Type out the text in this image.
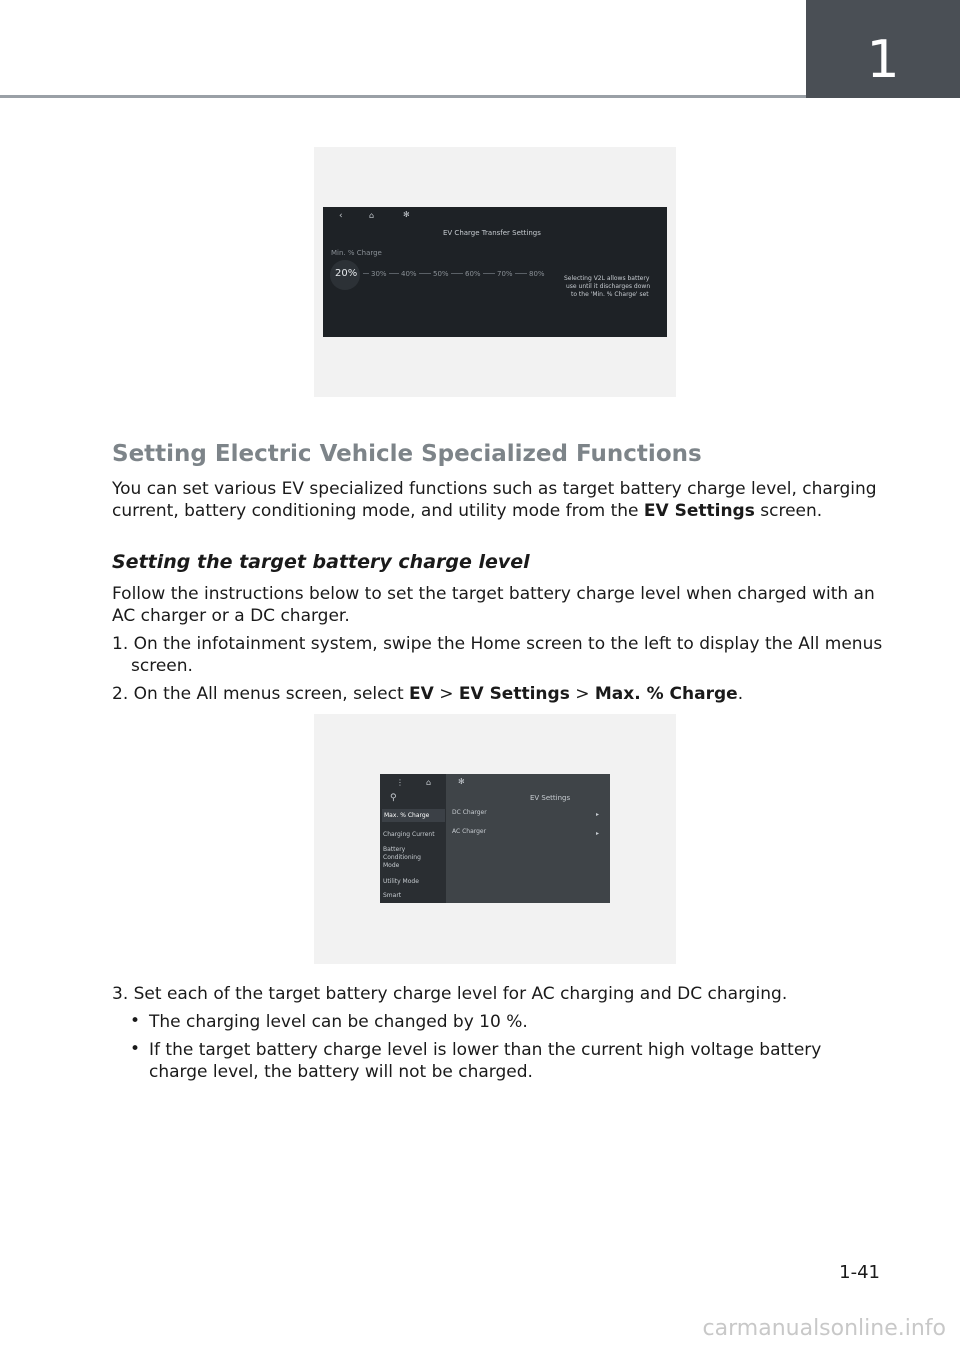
1
‹	⌂	✻
EV Charge Transfer Settings
Min. % Charge
20% 30% 40% 50% 60% 70% 80%
Selecting V2L allows battery
use until it discharges down
to the 'Min. % Charge' set
Setting Electric Vehicle Specialized Functions
You can set various EV specialized functions such as target battery charge level, charging current, battery conditioning mode, and utility mode from the EV Settings screen.
Setting the target battery charge level
Follow the instructions below to set the target battery charge level when charged with an AC charger or a DC charger.
1. On the infotainment system, swipe the Home screen to the left to display the All menus screen.
2. On the All menus screen, select EV > EV Settings > Max. % Charge.
⋮	⌂	✻
⚲	EV Settings
Max. % Charge
Charging Current
Battery Conditioning Mode
Utility Mode
Smart
DC Charger	▸
AC Charger	▸
3. Set each of the target battery charge level for AC charging and DC charging.
• The charging level can be changed by 10 %.
• If the target battery charge level is lower than the current high voltage battery charge level, the battery will not be charged.
1-41
carmanualsonline.info
